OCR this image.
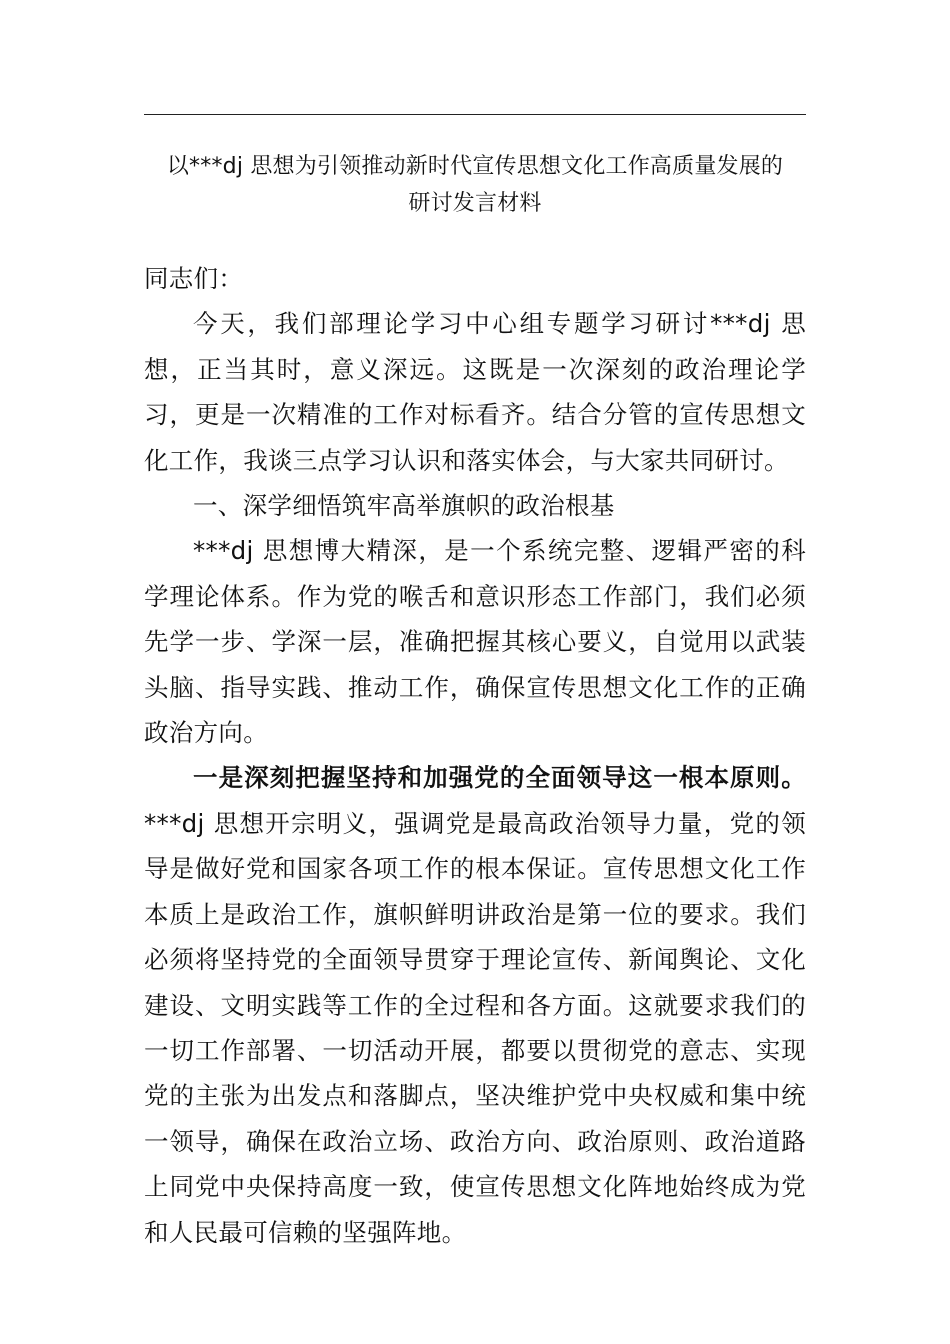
以***dj 思想为引领推动新时代宣传思想文化工作高质量发展的
研讨发言材料

同志们：

今天，我们部理论学习中心组专题学习研讨***dj 思想，正当其时，意义深远。这既是一次深刻的政治理论学习，更是一次精准的工作对标看齐。结合分管的宣传思想文化工作，我谈三点学习认识和落实体会，与大家共同研讨。

一、深学细悟筑牢高举旗帜的政治根基

***dj 思想博大精深，是一个系统完整、逻辑严密的科学理论体系。作为党的喉舌和意识形态工作部门，我们必须先学一步、学深一层，准确把握其核心要义，自觉用以武装头脑、指导实践、推动工作，确保宣传思想文化工作的正确政治方向。

一是深刻把握坚持和加强党的全面领导这一根本原则。***dj 思想开宗明义，强调党是最高政治领导力量，党的领导是做好党和国家各项工作的根本保证。宣传思想文化工作本质上是政治工作，旗帜鲜明讲政治是第一位的要求。我们必须将坚持党的全面领导贯穿于理论宣传、新闻舆论、文化建设、文明实践等工作的全过程和各方面。这就要求我们的一切工作部署、一切活动开展，都要以贯彻党的意志、实现党的主张为出发点和落脚点，坚决维护党中央权威和集中统一领导，确保在政治立场、政治方向、政治原则、政治道路上同党中央保持高度一致，使宣传思想文化阵地始终成为党和人民最可信赖的坚强阵地。
